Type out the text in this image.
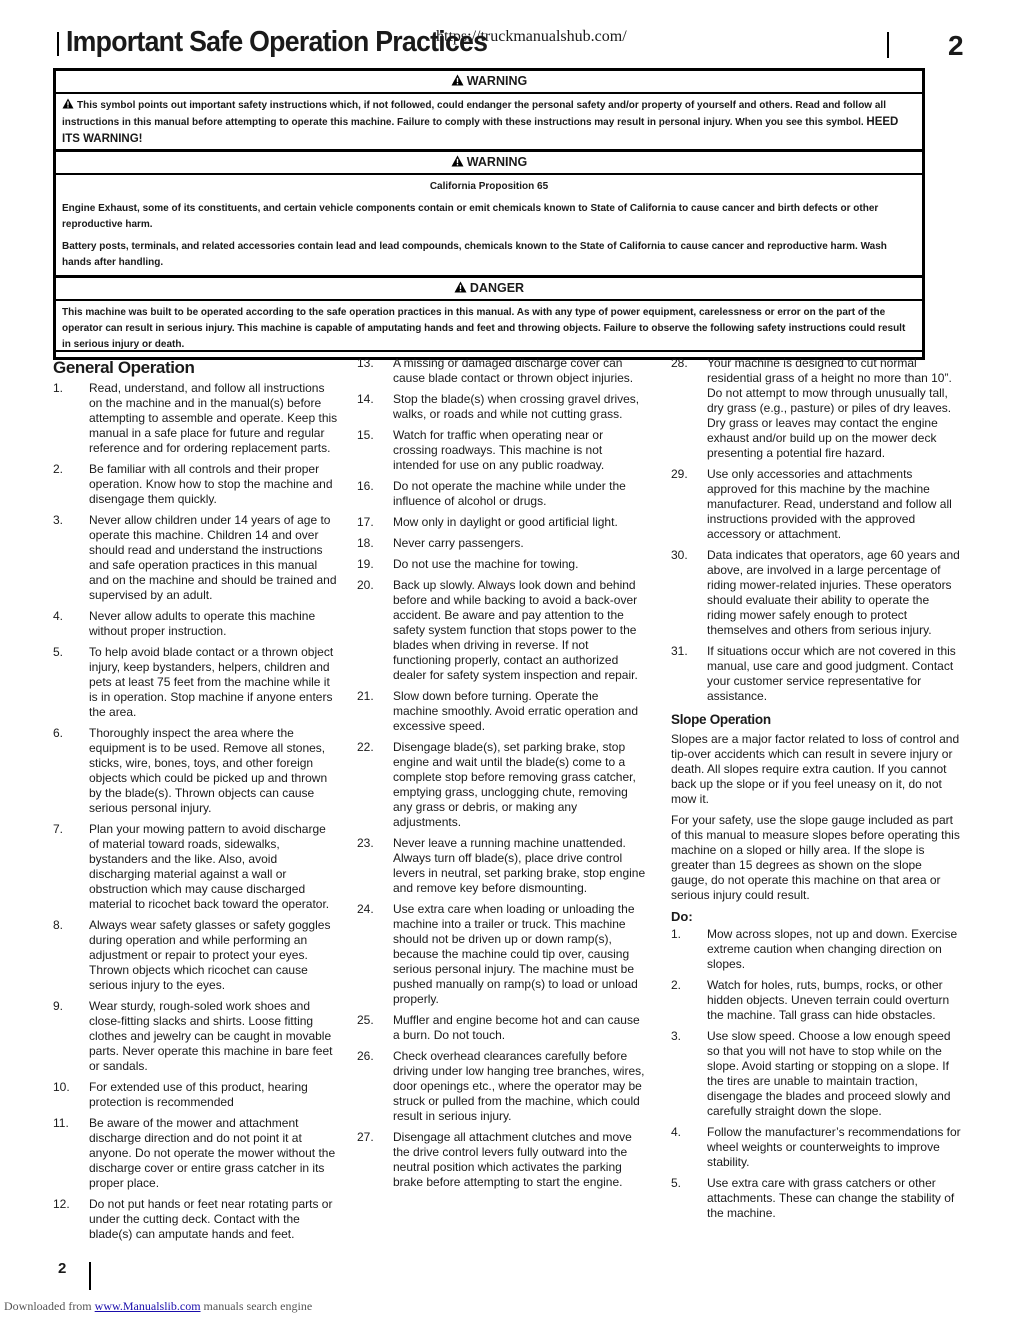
Important Safe Operation Practices
https://truckmanualshub.com/	2
WARNING

This symbol points out important safety instructions which, if not followed, could endanger the personal safety and/or property of yourself and others. Read and follow all instructions in this manual before attempting to operate this machine. Failure to comply with these instructions may result in personal injury. When you see this symbol. HEED ITS WARNING!

WARNING

California Proposition 65

Engine Exhaust, some of its constituents, and certain vehicle components contain or emit chemicals known to State of California to cause cancer and birth defects or other reproductive harm.

Battery posts, terminals, and related accessories contain lead and lead compounds, chemicals known to the State of California to cause cancer and reproductive harm. Wash hands after handling.

DANGER

This machine was built to be operated according to the safe operation practices in this manual. As with any type of power equipment, carelessness or error on the part of the operator can result in serious injury. This machine is capable of amputating hands and feet and throwing objects. Failure to observe the following safety instructions could result in serious injury or death.

General Operation
1.	Read, understand, and follow all instructions on the machine and in the manual(s) before attempting to assemble and operate. Keep this manual in a safe place for future and regular reference and for ordering replacement parts.
2.	Be familiar with all controls and their proper operation. Know how to stop the machine and disengage them quickly.
3.	Never allow children under 14 years of age to operate this machine. Children 14 and over should read and understand the instructions and safe operation practices in this manual and on the machine and should be trained and supervised by an adult.
4.	Never allow adults to operate this machine without proper instruction.
5.	To help avoid blade contact or a thrown object injury, keep bystanders, helpers, children and pets at least 75 feet from the machine while it is in operation. Stop machine if anyone enters the area.
6.	Thoroughly inspect the area where the equipment is to be used. Remove all stones, sticks, wire, bones, toys, and other foreign objects which could be picked up and thrown by the blade(s). Thrown objects can cause serious personal injury.
7.	Plan your mowing pattern to avoid discharge of material toward roads, sidewalks, bystanders and the like. Also, avoid discharging material against a wall or obstruction which may cause discharged material to ricochet back toward the operator.
8.	Always wear safety glasses or safety goggles during operation and while performing an adjustment or repair to protect your eyes. Thrown objects which ricochet can cause serious injury to the eyes.
9.	Wear sturdy, rough-soled work shoes and close-fitting slacks and shirts. Loose fitting clothes and jewelry can be caught in movable parts. Never operate this machine in bare feet or sandals.
10.	For extended use of this product, hearing protection is recommended
11.	Be aware of the mower and attachment discharge direction and do not point it at anyone. Do not operate the mower without the discharge cover or entire grass catcher in its proper place.
12.	Do not put hands or feet near rotating parts or under the cutting deck. Contact with the blade(s) can amputate hands and feet.
13.	A missing or damaged discharge cover can cause blade contact or thrown object injuries.
14.	Stop the blade(s) when crossing gravel drives, walks, or roads and while not cutting grass.
15.	Watch for traffic when operating near or crossing roadways. This machine is not intended for use on any public roadway.
16.	Do not operate the machine while under the influence of alcohol or drugs.
17.	Mow only in daylight or good artificial light.
18.	Never carry passengers.
19.	Do not use the machine for towing.
20.	Back up slowly. Always look down and behind before and while backing to avoid a back-over accident. Be aware and pay attention to the safety system function that stops power to the blades when driving in reverse. If not functioning properly, contact an authorized dealer for safety system inspection and repair.
21.	Slow down before turning. Operate the machine smoothly. Avoid erratic operation and excessive speed.
22.	Disengage blade(s), set parking brake, stop engine and wait until the blade(s) come to a complete stop before removing grass catcher, emptying grass, unclogging chute, removing any grass or debris, or making any adjustments.
23.	Never leave a running machine unattended. Always turn off blade(s), place drive control levers in neutral, set parking brake, stop engine and remove key before dismounting.
24.	Use extra care when loading or unloading the machine into a trailer or truck. This machine should not be driven up or down ramp(s), because the machine could tip over, causing serious personal injury. The machine must be pushed manually on ramp(s) to load or unload properly.
25.	Muffler and engine become hot and can cause a burn. Do not touch.
26.	Check overhead clearances carefully before driving under low hanging tree branches, wires, door openings etc., where the operator may be struck or pulled from the machine, which could result in serious injury.
27.	Disengage all attachment clutches and move the drive control levers fully outward into the neutral position which activates the parking brake before attempting to start the engine.
28.	Your machine is designed to cut normal residential grass of a height no more than 10”. Do not attempt to mow through unusually tall, dry grass (e.g., pasture) or piles of dry leaves. Dry grass or leaves may contact the engine exhaust and/or build up on the mower deck presenting a potential fire hazard.
29.	Use only accessories and attachments approved for this machine by the machine manufacturer. Read, understand and follow all instructions provided with the approved accessory or attachment.
30.	Data indicates that operators, age 60 years and above, are involved in a large percentage of riding mower-related injuries. These operators should evaluate their ability to operate the riding mower safely enough to protect themselves and others from serious injury.
31.	If situations occur which are not covered in this manual, use care and good judgment. Contact your customer service representative for assistance.
Slope Operation
Slopes are a major factor related to loss of control and tip-over accidents which can result in severe injury or death. All slopes require extra caution. If you cannot back up the slope or if you feel uneasy on it, do not mow it.
For your safety, use the slope gauge included as part of this manual to measure slopes before operating this machine on a sloped or hilly area. If the slope is greater than 15 degrees as shown on the slope gauge, do not operate this machine on that area or serious injury could result.
Do:
1.	Mow across slopes, not up and down. Exercise extreme caution when changing direction on slopes.
2.	Watch for holes, ruts, bumps, rocks, or other hidden objects. Uneven terrain could overturn the machine. Tall grass can hide obstacles.
3.	Use slow speed. Choose a low enough speed so that you will not have to stop while on the slope. Avoid starting or stopping on a slope. If the tires are unable to maintain traction, disengage the blades and proceed slowly and carefully straight down the slope.
4.	Follow the manufacturer’s recommendations for wheel weights or counterweights to improve stability.
5.	Use extra care with grass catchers or other attachments. These can change the stability of the machine.
2
Downloaded from www.Manualslib.com manuals search engine
